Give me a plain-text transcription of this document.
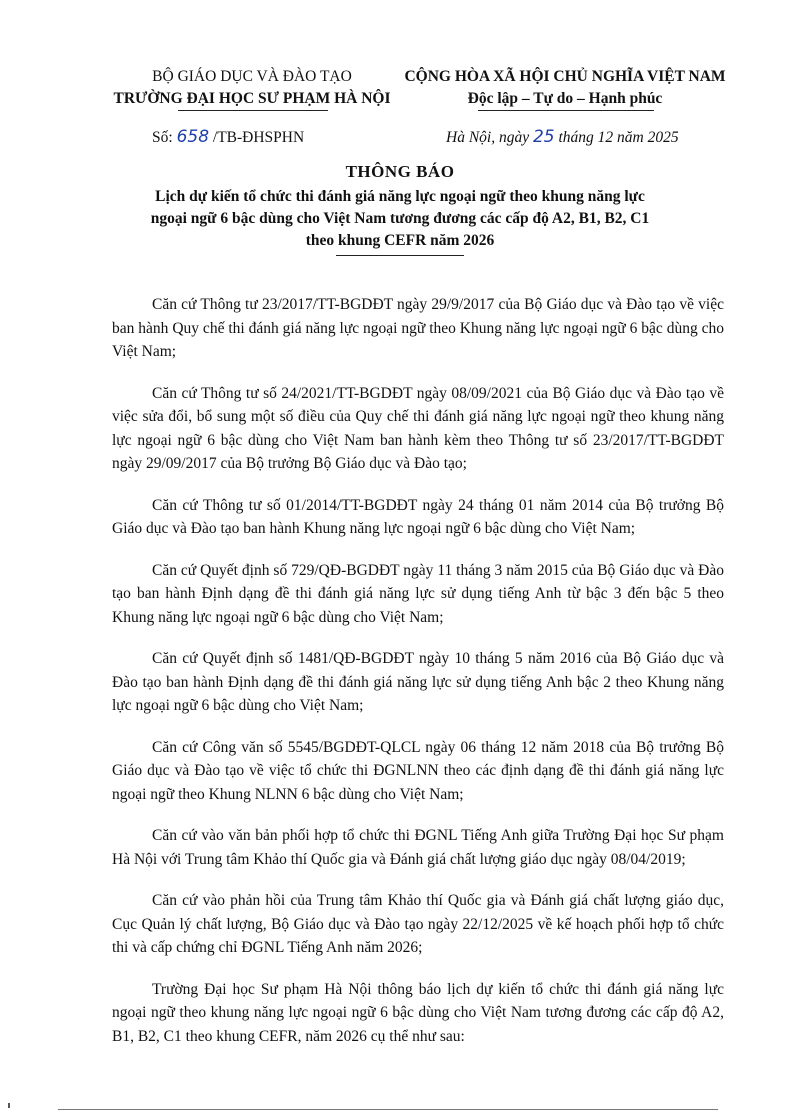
BỘ GIÁO DỤC VÀ ĐÀO TẠO
TRƯỜNG ĐẠI HỌC SƯ PHẠM HÀ NỘI
CỘNG HÒA XÃ HỘI CHỦ NGHĨA VIỆT NAM
Độc lập – Tự do – Hạnh phúc
Số: 658 /TB-ĐHSPHN	Hà Nội, ngày 25 tháng 12 năm 2025
THÔNG BÁO
Lịch dự kiến tổ chức thi đánh giá năng lực ngoại ngữ theo khung năng lực
ngoại ngữ 6 bậc dùng cho Việt Nam tương đương các cấp độ A2, B1, B2, C1
theo khung CEFR năm 2026

Căn cứ Thông tư 23/2017/TT-BGDĐT ngày 29/9/2017 của Bộ Giáo dục và Đào tạo về việc ban hành Quy chế thi đánh giá năng lực ngoại ngữ theo Khung năng lực ngoại ngữ 6 bậc dùng cho Việt Nam;

Căn cứ Thông tư số 24/2021/TT-BGDĐT ngày 08/09/2021 của Bộ Giáo dục và Đào tạo về việc sửa đổi, bổ sung một số điều của Quy chế thi đánh giá năng lực ngoại ngữ theo khung năng lực ngoại ngữ 6 bậc dùng cho Việt Nam ban hành kèm theo Thông tư số 23/2017/TT-BGDĐT ngày 29/09/2017 của Bộ trưởng Bộ Giáo dục và Đào tạo;

Căn cứ Thông tư số 01/2014/TT-BGDĐT ngày 24 tháng 01 năm 2014 của Bộ trưởng Bộ Giáo dục và Đào tạo ban hành Khung năng lực ngoại ngữ 6 bậc dùng cho Việt Nam;

Căn cứ Quyết định số 729/QĐ-BGDĐT ngày 11 tháng 3 năm 2015 của Bộ Giáo dục và Đào tạo ban hành Định dạng đề thi đánh giá năng lực sử dụng tiếng Anh từ bậc 3 đến bậc 5 theo Khung năng lực ngoại ngữ 6 bậc dùng cho Việt Nam;

Căn cứ Quyết định số 1481/QĐ-BGDĐT ngày 10 tháng 5 năm 2016 của Bộ Giáo dục và Đào tạo ban hành Định dạng đề thi đánh giá năng lực sử dụng tiếng Anh bậc 2 theo Khung năng lực ngoại ngữ 6 bậc dùng cho Việt Nam;

Căn cứ Công văn số 5545/BGDĐT-QLCL ngày 06 tháng 12 năm 2018 của Bộ trưởng Bộ Giáo dục và Đào tạo về việc tổ chức thi ĐGNLNN theo các định dạng đề thi đánh giá năng lực ngoại ngữ theo Khung NLNN 6 bậc dùng cho Việt Nam;

Căn cứ vào văn bản phối hợp tổ chức thi ĐGNL Tiếng Anh giữa Trường Đại học Sư phạm Hà Nội với Trung tâm Khảo thí Quốc gia và Đánh giá chất lượng giáo dục ngày 08/04/2019;

Căn cứ vào phản hồi của Trung tâm Khảo thí Quốc gia và Đánh giá chất lượng giáo dục, Cục Quản lý chất lượng, Bộ Giáo dục và Đào tạo ngày 22/12/2025 về kế hoạch phối hợp tổ chức thi và cấp chứng chỉ ĐGNL Tiếng Anh năm 2026;

Trường Đại học Sư phạm Hà Nội thông báo lịch dự kiến tổ chức thi đánh giá năng lực ngoại ngữ theo khung năng lực ngoại ngữ 6 bậc dùng cho Việt Nam tương đương các cấp độ A2, B1, B2, C1 theo khung CEFR, năm 2026 cụ thể như sau:
